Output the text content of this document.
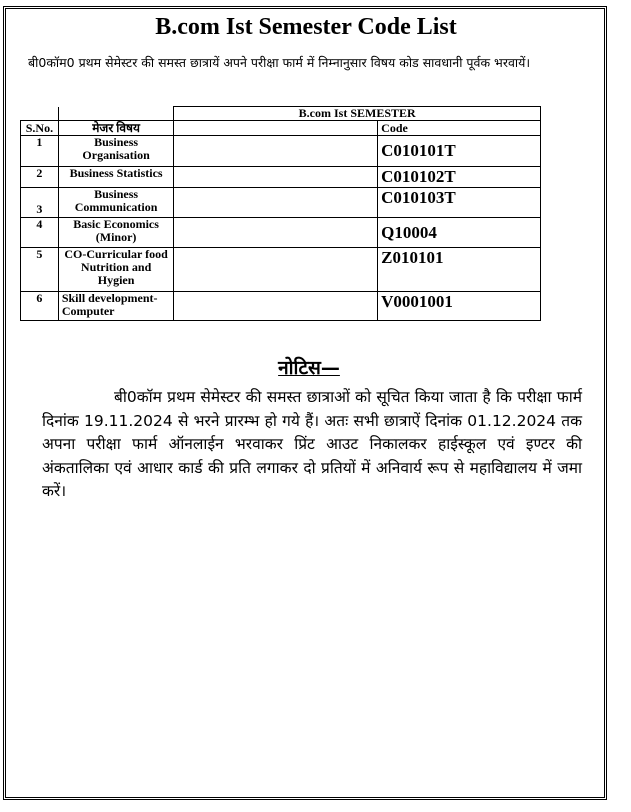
B.com Ist Semester Code List

बी0कॉम0 प्रथम सेमेस्टर की समस्त छात्रायें अपने परीक्षा फार्म में निम्नानुसार विषय कोड सावधानी पूर्वक भरवायें।

		B.com Ist SEMESTER	
S.No.	मेजर विषय		Code
1	Business Organisation		C010101T
2	Business Statistics		C010102T
3	Business Communication		C010103T
4	Basic Economics (Minor)		Q10004
5	CO-Curricular food Nutrition and Hygien		Z010101
6	Skill development-Computer		V0001001
नोटिस—

बी0कॉम प्रथम सेमेस्टर की समस्त छात्राओं को सूचित किया जाता है कि परीक्षा फार्म दिनांक 19.11.2024 से भरने प्रारम्भ हो गये हैं। अतः सभी छात्राऐं दिनांक 01.12.2024 तक अपना परीक्षा फार्म ऑनलाईन भरवाकर प्रिंट आउट निकालकर हाईस्कूल एवं इण्टर की अंकतालिका एवं आधार कार्ड की प्रति लगाकर दो प्रतियों में अनिवार्य रूप से महाविद्यालय में जमा करें।
